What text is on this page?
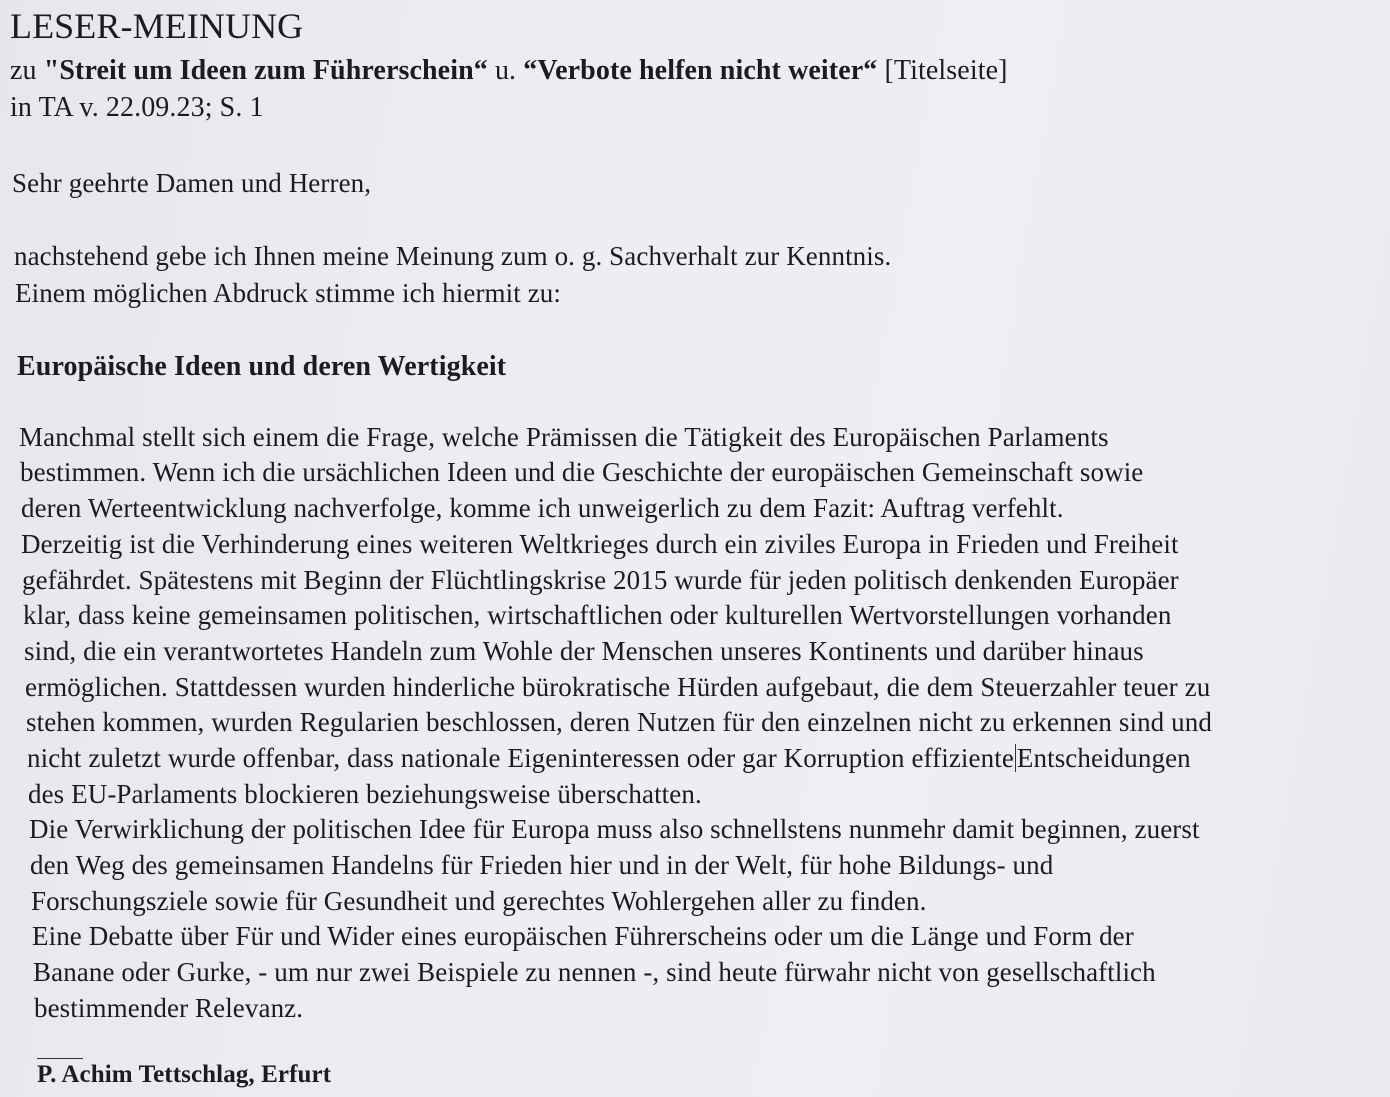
LESER-MEINUNG
zu "Streit um Ideen zum Führerschein“ u. “Verbote helfen nicht weiter“ [Titelseite]
in TA v. 22.09.23; S. 1
Sehr geehrte Damen und Herren,
nachstehend gebe ich Ihnen meine Meinung zum o. g. Sachverhalt zur Kenntnis.
Einem möglichen Abdruck stimme ich hiermit zu:
Europäische Ideen und deren Wertigkeit
Manchmal stellt sich einem die Frage, welche Prämissen die Tätigkeit des Europäischen Parlaments
bestimmen. Wenn ich die ursächlichen Ideen und die Geschichte der europäischen Gemeinschaft sowie
deren Werteentwicklung nachverfolge, komme ich unweigerlich zu dem Fazit: Auftrag verfehlt.
Derzeitig ist die Verhinderung eines weiteren Weltkrieges durch ein ziviles Europa in Frieden und Freiheit
gefährdet. Spätestens mit Beginn der Flüchtlingskrise 2015 wurde für jeden politisch denkenden Europäer
klar, dass keine gemeinsamen politischen, wirtschaftlichen oder kulturellen Wertvorstellungen vorhanden
sind, die ein verantwortetes Handeln zum Wohle der Menschen unseres Kontinents und darüber hinaus
ermöglichen. Stattdessen wurden hinderliche bürokratische Hürden aufgebaut, die dem Steuerzahler teuer zu
stehen kommen, wurden Regularien beschlossen, deren Nutzen für den einzelnen nicht zu erkennen sind und
nicht zuletzt wurde offenbar, dass nationale Eigeninteressen oder gar Korruption effiziente Entscheidungen
des EU-Parlaments blockieren beziehungsweise überschatten.
Die Verwirklichung der politischen Idee für Europa muss also schnellstens nunmehr damit beginnen, zuerst
den Weg des gemeinsamen Handelns für Frieden hier und in der Welt, für hohe Bildungs- und
Forschungsziele sowie für Gesundheit und gerechtes Wohlergehen aller zu finden.
Eine Debatte über Für und Wider eines europäischen Führerscheins oder um die Länge und Form der
Banane oder Gurke, - um nur zwei Beispiele zu nennen -, sind heute fürwahr nicht von gesellschaftlich
bestimmender Relevanz.
P. Achim Tettschlag, Erfurt
